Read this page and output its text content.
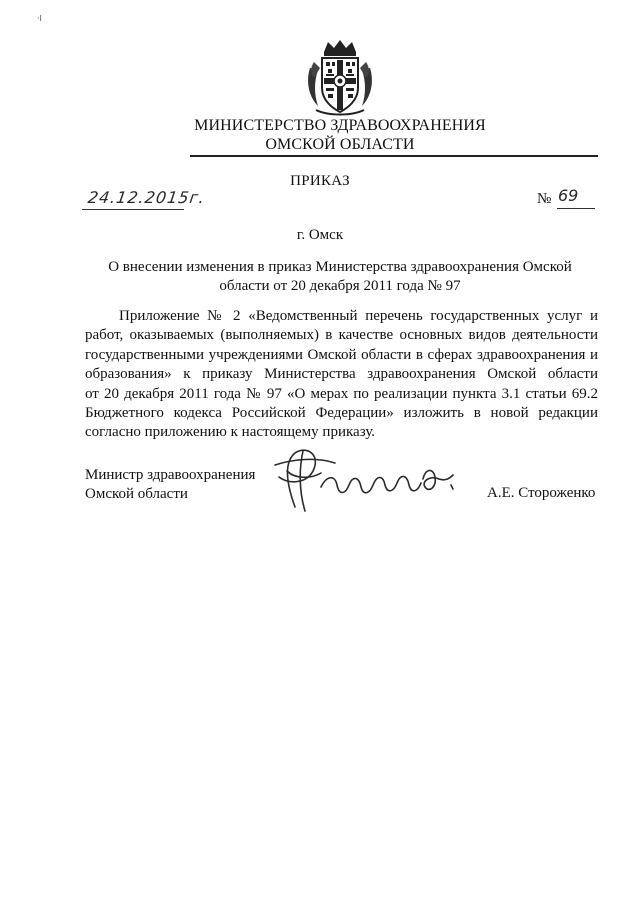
·I
МИНИСТЕРСТВО ЗДРАВООХРАНЕНИЯ
ОМСКОЙ ОБЛАСТИ
ПРИКАЗ
24.12.2015г.	№ 69
г. Омск
О внесении изменения в приказ Министерства здравоохранения Омской
области от 20 декабря 2011 года № 97
Приложение № 2 «Ведомственный перечень государственных услуг и
работ, оказываемых (выполняемых) в качестве основных видов деятельности
государственными учреждениями Омской области в сферах здравоохранения и
образования» к приказу Министерства здравоохранения Омской области
от 20 декабря 2011 года № 97 «О мерах по реализации пункта 3.1 статьи 69.2
Бюджетного кодекса Российской Федерации» изложить в новой редакции
согласно приложению к настоящему приказу.
Министр здравоохранения
Омской области	А.Е. Стороженко
